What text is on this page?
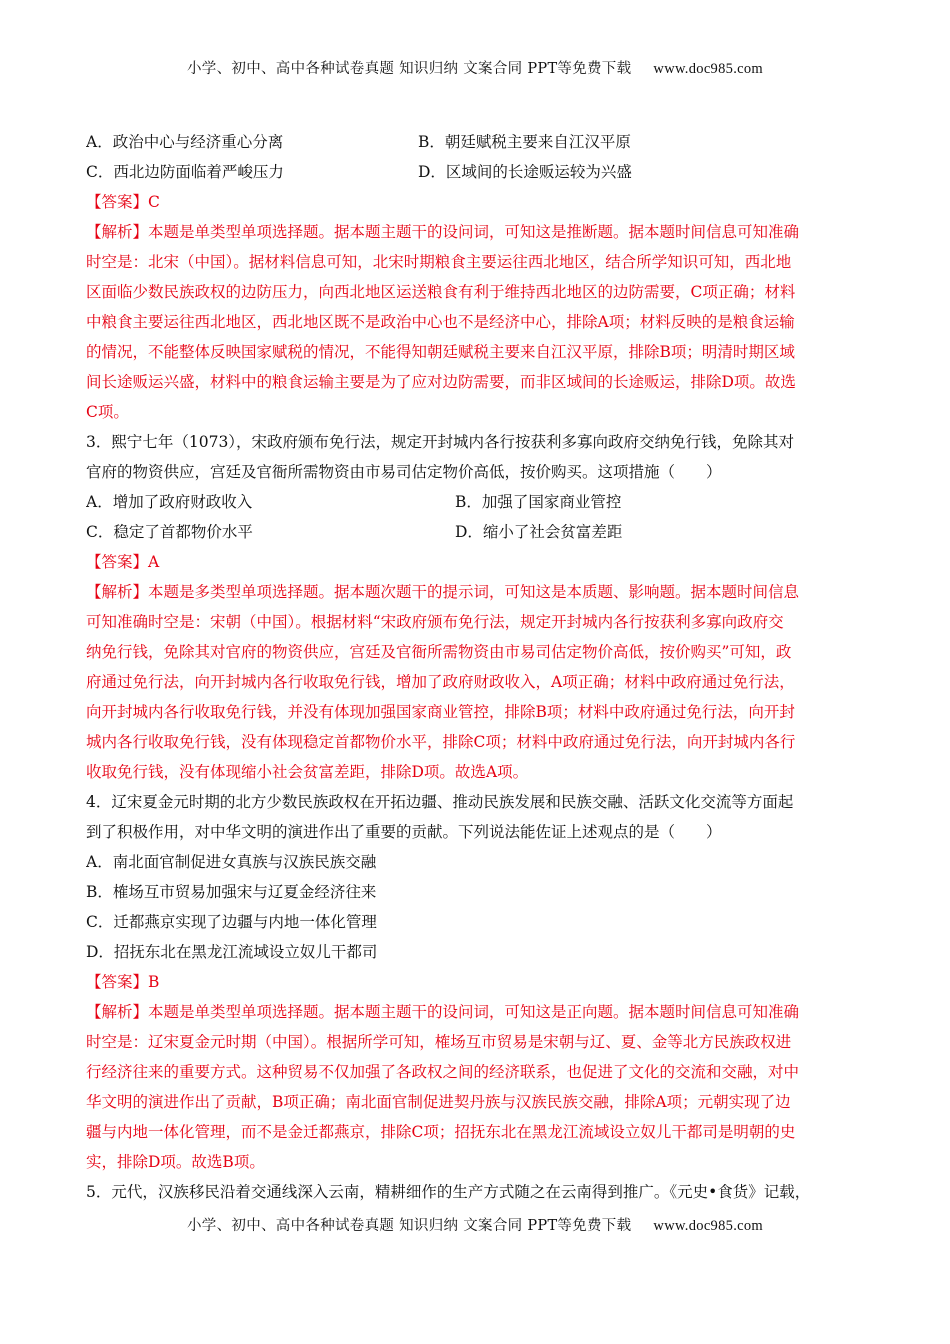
小学、初中、高中各种试卷真题 知识归纳 文案合同 PPT等免费下载 www.doc985.com
A．政治中心与经济重心分离	B．朝廷赋税主要来自江汉平原
C．西北边防面临着严峻压力	D．区域间的长途贩运较为兴盛
【答案】C
【解析】本题是单类型单项选择题。据本题主题干的设问词，可知这是推断题。据本题时间信息可知准确
时空是：北宋（中国）。据材料信息可知，北宋时期粮食主要运往西北地区，结合所学知识可知，西北地
区面临少数民族政权的边防压力，向西北地区运送粮食有利于维持西北地区的边防需要，C项正确；材料
中粮食主要运往西北地区，西北地区既不是政治中心也不是经济中心，排除A项；材料反映的是粮食运输
的情况，不能整体反映国家赋税的情况，不能得知朝廷赋税主要来自江汉平原，排除B项；明清时期区域
间长途贩运兴盛，材料中的粮食运输主要是为了应对边防需要，而非区域间的长途贩运，排除D项。故选
C项。
3．熙宁七年（1073），宋政府颁布免行法，规定开封城内各行按获利多寡向政府交纳免行钱，免除其对
官府的物资供应，宫廷及官衙所需物资由市易司估定物价高低，按价购买。这项措施（　　）
A．增加了政府财政收入	B．加强了国家商业管控
C．稳定了首都物价水平	D．缩小了社会贫富差距
【答案】A
【解析】本题是多类型单项选择题。据本题次题干的提示词，可知这是本质题、影响题。据本题时间信息
可知准确时空是：宋朝（中国）。根据材料“宋政府颁布免行法，规定开封城内各行按获利多寡向政府交
纳免行钱，免除其对官府的物资供应，宫廷及官衙所需物资由市易司估定物价高低，按价购买”可知，政
府通过免行法，向开封城内各行收取免行钱，增加了政府财政收入，A项正确；材料中政府通过免行法，
向开封城内各行收取免行钱，并没有体现加强国家商业管控，排除B项；材料中政府通过免行法，向开封
城内各行收取免行钱，没有体现稳定首都物价水平，排除C项；材料中政府通过免行法，向开封城内各行
收取免行钱，没有体现缩小社会贫富差距，排除D项。故选A项。
4．辽宋夏金元时期的北方少数民族政权在开拓边疆、推动民族发展和民族交融、活跃文化交流等方面起
到了积极作用，对中华文明的演进作出了重要的贡献。下列说法能佐证上述观点的是（　　）
A．南北面官制促进女真族与汉族民族交融
B．榷场互市贸易加强宋与辽夏金经济往来
C．迁都燕京实现了边疆与内地一体化管理
D．招抚东北在黑龙江流域设立奴儿干都司
【答案】B
【解析】本题是单类型单项选择题。据本题主题干的设问词，可知这是正向题。据本题时间信息可知准确
时空是：辽宋夏金元时期（中国）。根据所学可知，榷场互市贸易是宋朝与辽、夏、金等北方民族政权进
行经济往来的重要方式。这种贸易不仅加强了各政权之间的经济联系，也促进了文化的交流和交融，对中
华文明的演进作出了贡献，B项正确；南北面官制促进契丹族与汉族民族交融，排除A项；元朝实现了边
疆与内地一体化管理，而不是金迁都燕京，排除C项；招抚东北在黑龙江流域设立奴儿干都司是明朝的史
实，排除D项。故选B项。
5．元代，汉族移民沿着交通线深入云南，精耕细作的生产方式随之在云南得到推广。《元史•食货》记载，
小学、初中、高中各种试卷真题 知识归纳 文案合同 PPT等免费下载 www.doc985.com
